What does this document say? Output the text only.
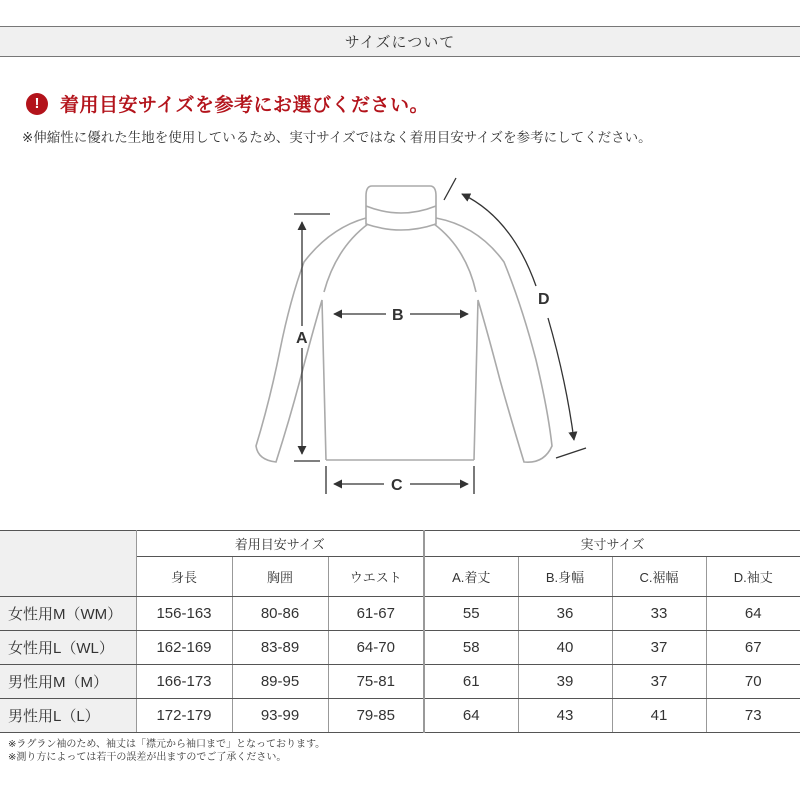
サイズについて
!	着用目安サイズを参考にお選びください。
※伸縮性に優れた生地を使用しているため、実寸サイズではなく着用目安サイズを参考にしてください。
A
B
C
D
	着用目安サイズ			実寸サイズ			
	身長	胸囲	ウエスト	A.着丈	B.身幅	C.裾幅	D.袖丈
女性用M（WM）	156-163	80-86	61-67	55	36	33	64
女性用L（WL）	162-169	83-89	64-70	58	40	37	67
男性用M（M）	166-173	89-95	75-81	61	39	37	70
男性用L（L）	172-179	93-99	79-85	64	43	41	73
※ラグラン袖のため、袖丈は「襟元から袖口まで」となっております。
※測り方によっては若干の誤差が出ますのでご了承ください。
